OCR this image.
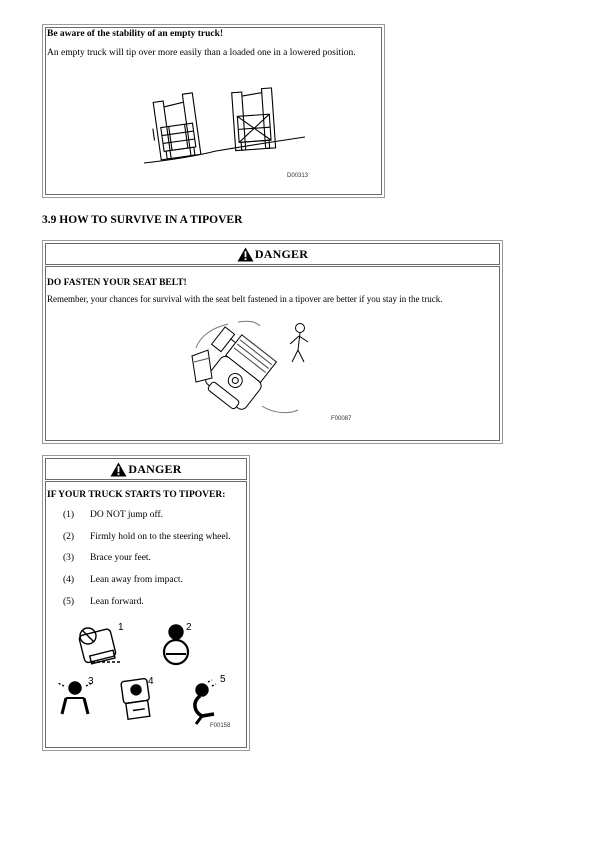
Be aware of the stability of an empty truck!
An empty truck will tip over more easily than a loaded one in a lowered position.
D00313
3.9 HOW TO SURVIVE IN A TIPOVER
DANGER
DO FASTEN YOUR SEAT BELT!
Remember, your chances for survival with the seat belt fastened in a tipover are better if you stay in the truck.
F00087
DANGER
IF YOUR TRUCK STARTS TO TIPOVER:
(1) DO NOT jump off.
(2) Firmly hold on to the steering wheel.
(3) Brace your feet.
(4) Lean away from impact.
(5) Lean forward.
1	2
3	4	5
F00158
